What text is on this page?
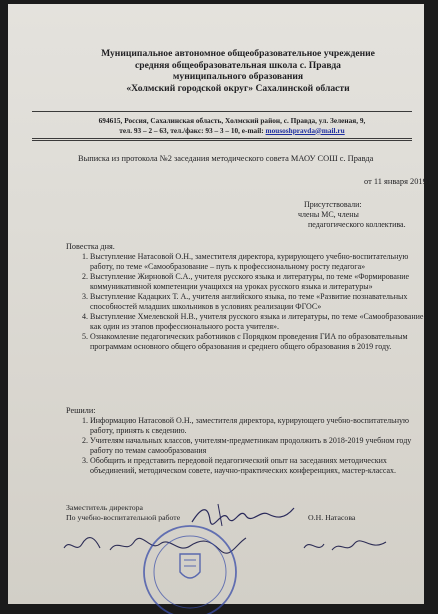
Муниципальное автономное общеобразовательное учреждение
средняя общеобразовательная школа с. Правда
муниципального образования
«Холмский городской округ» Сахалинской области
694615, Россия, Сахалинская область, Холмский район, с. Правда, ул. Зеленая, 9,
тел. 93 – 2 – 63, тел./факс: 93 – 3 – 10, e-mail: mousoshpravda@mail.ru
Выписка из протокола №2 заседания методического совета МАОУ СОШ с. Правда
от 11 января 2019 г
Присутствовали:
члены МС, члены
педагогического коллектива.
Повестка дня.
1. Выступление Натасовой О.Н., заместителя директора, курирующего учебно-воспитательную работу, по теме «Самообразование – путь к профессиональному росту педагога»
2. Выступление Жирновой С.А., учителя русского языка и литературы, по теме «Формирование коммуникативной компетенции учащихся на уроках русского языка и литературы»
3. Выступление Кадацких Т. А., учителя английского языка, по теме «Развитие познавательных способностей младших школьников в условиях реализации ФГОС»
4. Выступление Хмелевской Н.В., учителя русского языка и литературы, по теме «Самообразование как один из этапов профессионального роста учителя».
5. Ознакомление педагогических работников с Порядком проведения ГИА по образовательным программам основного общего образования и среднего общего образования в 2019 году.
Решили:
1. Информацию Натасовой О.Н., заместителя директора, курирующего учебно-воспитательную работу, принять к сведению.
2. Учителям начальных классов, учителям-предметникам продолжить в 2018-2019 учебном году работу по темам самообразования
3. Обобщить и представить передовой педагогический опыт на заседаниях методических объединений, методическом совете, научно-практических конференциях, мастер-классах.
Заместитель директора
По учебно-воспитательной работе	О.Н. Натасова
